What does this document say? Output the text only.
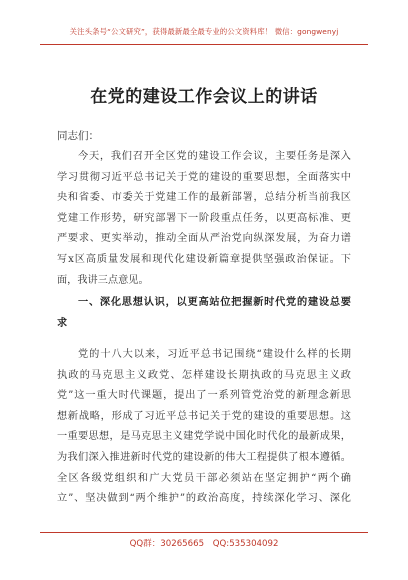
关注头条号“公文研究”，获得最新最全最专业的公文资料库！ 微信：gongwenyj
在党的建设工作会议上的讲话
同志们：
今天，我们召开全区党的建设工作会议，主要任务是深入
学习贯彻习近平总书记关于党的建设的重要思想，全面落实中
央和省委、市委关于党建工作的最新部署，总结分析当前我区
党建工作形势，研究部署下一阶段重点任务，以更高标准、更
严要求、更实举动，推动全面从严治党向纵深发展，为奋力谱
写x区高质量发展和现代化建设新篇章提供坚强政治保证。下
面，我讲三点意见。
一、深化思想认识，以更高站位把握新时代党的建设总要
求
党的十八大以来，习近平总书记围绕“建设什么样的长期
执政的马克思主义政党、怎样建设长期执政的马克思主义政
党”这一重大时代课题，提出了一系列管党治党的新理念新思
想新战略，形成了习近平总书记关于党的建设的重要思想。这
一重要思想，是马克思主义建党学说中国化时代化的最新成果，
为我们深入推进新时代党的建设新的伟大工程提供了根本遵循。
全区各级党组织和广大党员干部必须站在坚定拥护“两个确
立”、坚决做到“两个维护”的政治高度，持续深化学习、深化
QQ群：30265665 QQ:535304092
